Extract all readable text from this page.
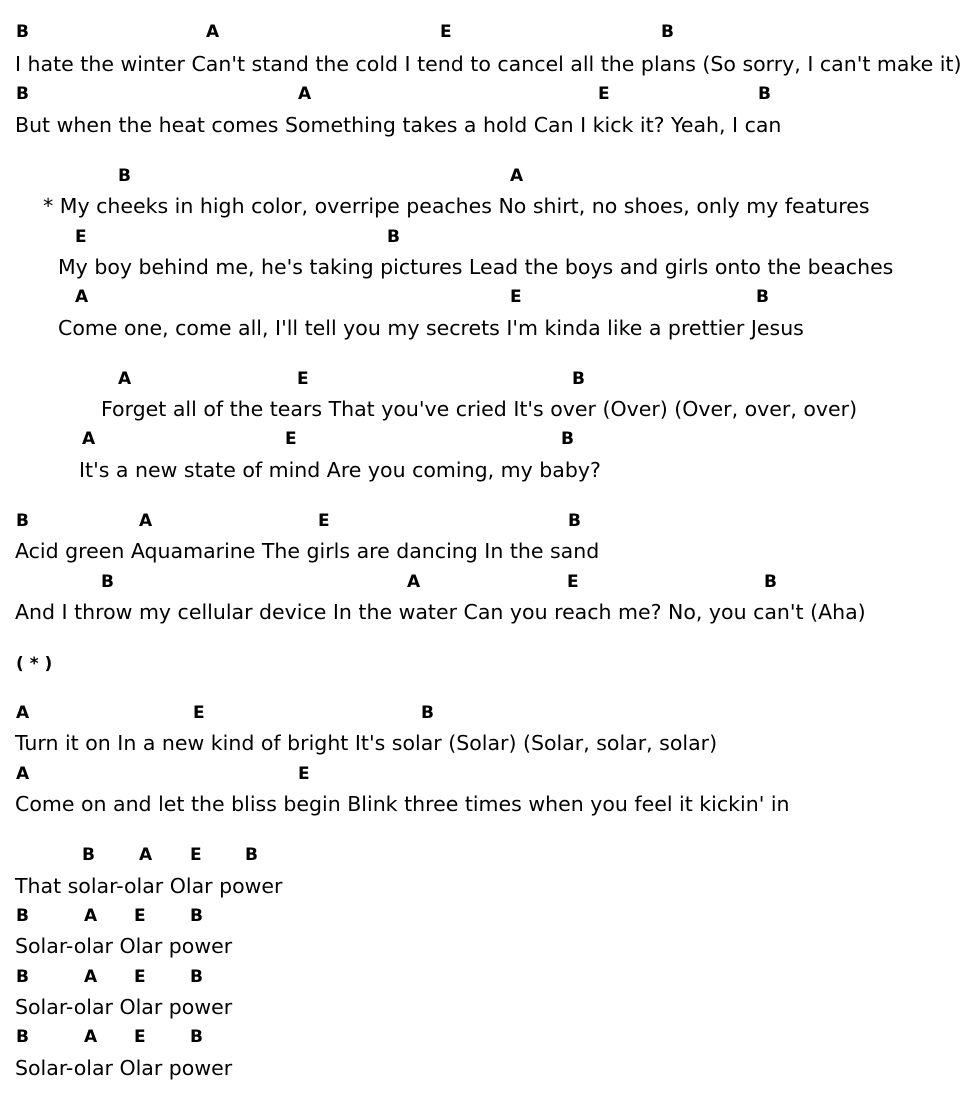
B	A	E	B
I hate the winter Can't stand the cold I tend to cancel all the plans (So sorry, I can't make it)
B	A	E	B
But when the heat comes Something takes a hold Can I kick it? Yeah, I can
B	A
* My cheeks in high color, overripe peaches No shirt, no shoes, only my features
E	B
My boy behind me, he's taking pictures Lead the boys and girls onto the beaches
A	E	B
Come one, come all, I'll tell you my secrets I'm kinda like a prettier Jesus
A	E	B
Forget all of the tears That you've cried It's over (Over) (Over, over, over)
A	E	B
It's a new state of mind Are you coming, my baby?
B	A	E	B
Acid green Aquamarine The girls are dancing In the sand
B	A	E	B
And I throw my cellular device In the water Can you reach me? No, you can't (Aha)
( * )
A	E	B
Turn it on In a new kind of bright It's solar (Solar) (Solar, solar, solar)
A	E
Come on and let the bliss begin Blink three times when you feel it kickin' in
B	A E	B
That solar-olar Olar power
B	A E	B
Solar-olar Olar power
B	A E	B
Solar-olar Olar power
B	A E	B
Solar-olar Olar power
